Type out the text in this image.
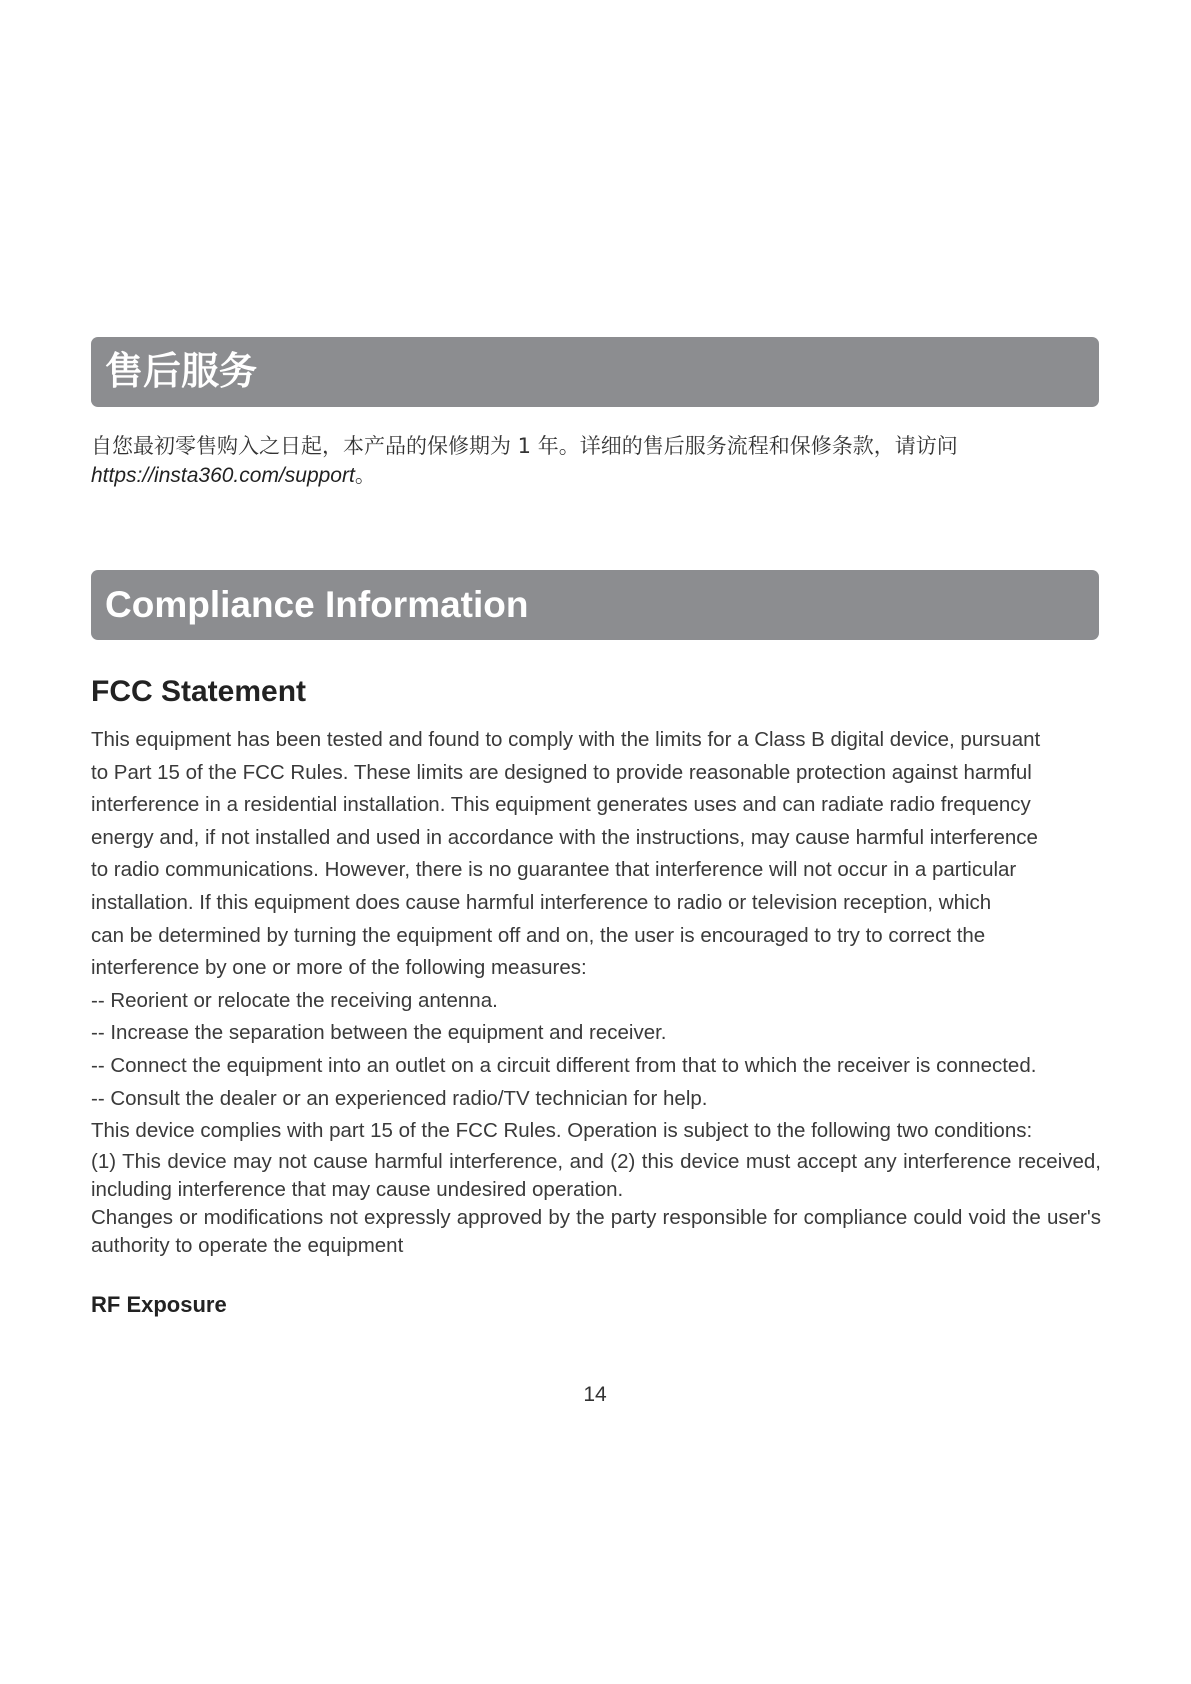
售后服务
自您最初零售购入之日起，本产品的保修期为 1 年。详细的售后服务流程和保修条款，请访问 https://insta360.com/support。
Compliance Information
FCC Statement
This equipment has been tested and found to comply with the limits for a Class B digital device, pursuant
to Part 15 of the FCC Rules. These limits are designed to provide reasonable protection against harmful
interference in a residential installation. This equipment generates uses and can radiate radio frequency
energy and, if not installed and used in accordance with the instructions, may cause harmful interference
to radio communications. However, there is no guarantee that interference will not occur in a particular
installation. If this equipment does cause harmful interference to radio or television reception, which
can be determined by turning the equipment off and on, the user is encouraged to try to correct the
interference by one or more of the following measures:
-- Reorient or relocate the receiving antenna.
-- Increase the separation between the equipment and receiver.
-- Connect the equipment into an outlet on a circuit different from that to which the receiver is connected.
-- Consult the dealer or an experienced radio/TV technician for help.
This device complies with part 15 of the FCC Rules. Operation is subject to the following two conditions:

(1) This device may not cause harmful interference, and (2) this device must accept any interference received, including interference that may cause undesired operation.

Changes or modifications not expressly approved by the party responsible for compliance could void the user's authority to operate the equipment

RF Exposure
14
